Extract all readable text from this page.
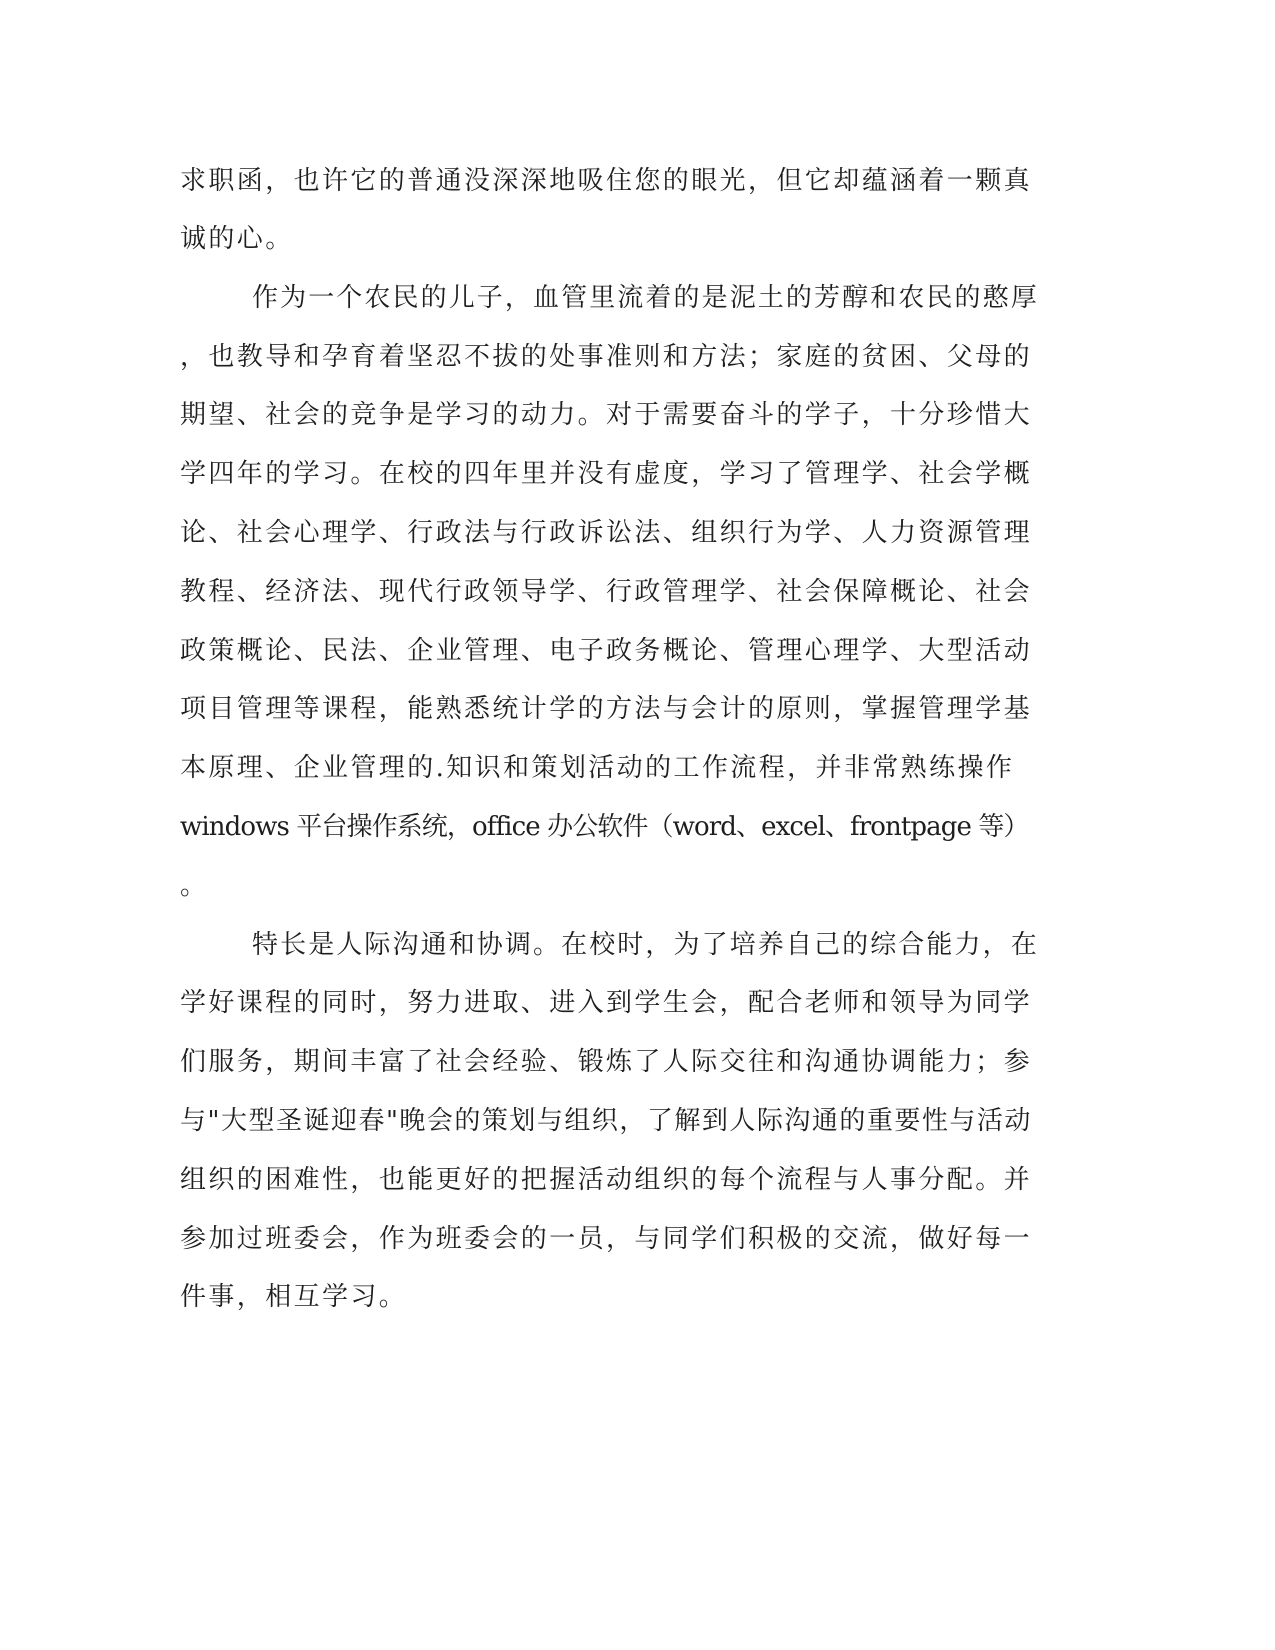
求职函，也许它的普通没深深地吸住您的眼光，但它却蕴涵着一颗真
诚的心。
作为一个农民的儿子，血管里流着的是泥土的芳醇和农民的憨厚
，也教导和孕育着坚忍不拔的处事准则和方法；家庭的贫困、父母的
期望、社会的竞争是学习的动力。对于需要奋斗的学子，十分珍惜大
学四年的学习。在校的四年里并没有虚度，学习了管理学、社会学概
论、社会心理学、行政法与行政诉讼法、组织行为学、人力资源管理
教程、经济法、现代行政领导学、行政管理学、社会保障概论、社会
政策概论、民法、企业管理、电子政务概论、管理心理学、大型活动
项目管理等课程，能熟悉统计学的方法与会计的原则，掌握管理学基
本原理、企业管理的.知识和策划活动的工作流程，并非常熟练操作
windows 平台操作系统，office 办公软件（word、excel、frontpage 等）
。
特长是人际沟通和协调。在校时，为了培养自己的综合能力，在
学好课程的同时，努力进取、进入到学生会，配合老师和领导为同学
们服务，期间丰富了社会经验、锻炼了人际交往和沟通协调能力；参
与"大型圣诞迎春"晚会的策划与组织，了解到人际沟通的重要性与活动
组织的困难性，也能更好的把握活动组织的每个流程与人事分配。并
参加过班委会，作为班委会的一员，与同学们积极的交流，做好每一
件事，相互学习。
